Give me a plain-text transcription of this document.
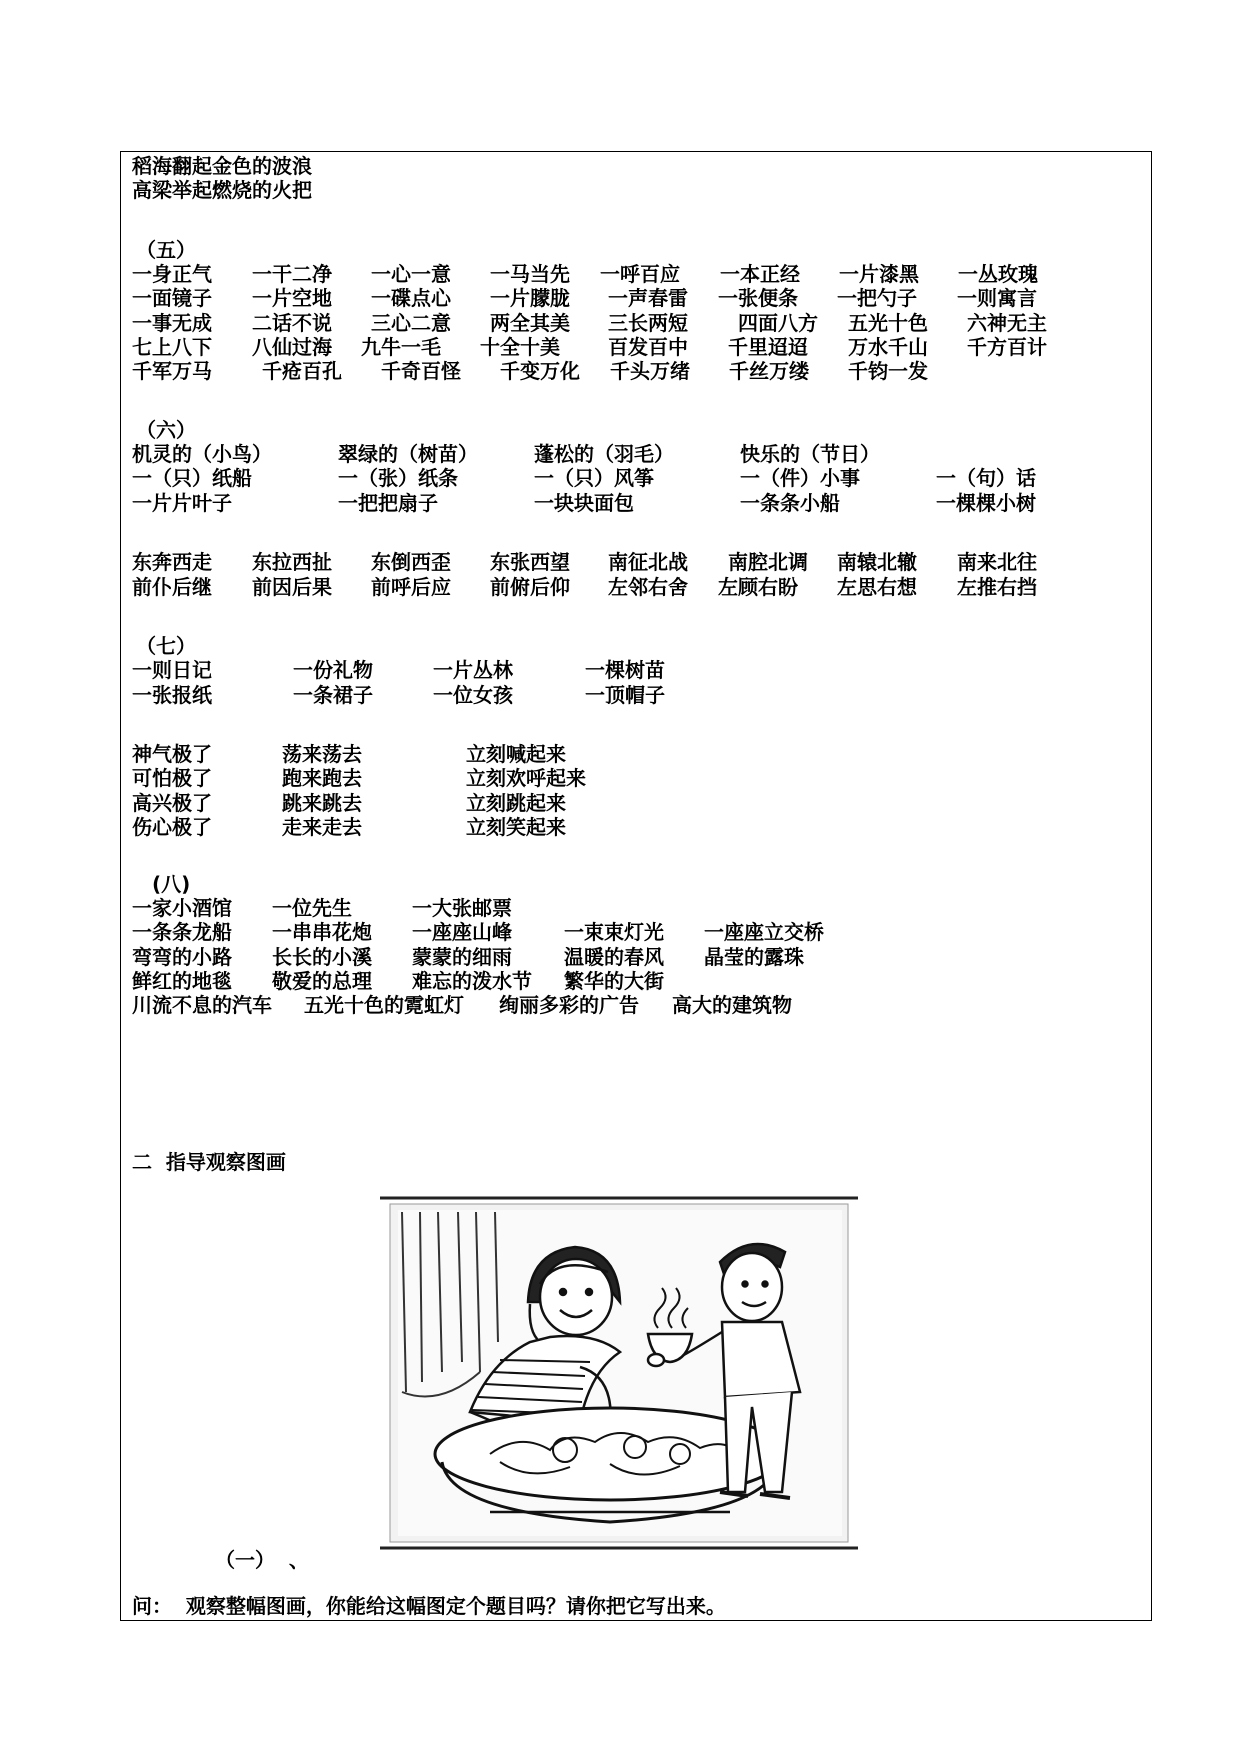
稻海翻起金色的波浪
高梁举起燃烧的火把
（五）
一身正气 一干二净 一心一意 一马当先 一呼百应 一本正经 一片漆黑 一丛玫瑰
一面镜子 一片空地 一碟点心 一片朦胧 一声春雷 一张便条 一把勺子 一则寓言
一事无成 二话不说 三心二意 两全其美 三长两短	四面八方 五光十色 六神无主
七上八下 八仙过海 九牛一毛 十全十美 百发百中 千里迢迢 万水千山 千方百计
千军万马	千疮百孔 千奇百怪 千变万化 千头万绪 千丝万缕 千钧一发
（六）
机灵的（小鸟）	翠绿的（树苗）	蓬松的（羽毛）	快乐的（节日）
一（只）纸船	一（张）纸条	一（只）风筝	一（件）小事	一（句）话
一片片叶子	一把把扇子	一块块面包	一条条小船	一棵棵小树
东奔西走 东拉西扯 东倒西歪 东张西望 南征北战 南腔北调 南辕北辙 南来北往
前仆后继 前因后果 前呼后应 前俯后仰 左邻右舍 左顾右盼 左思右想 左推右挡
（七）
一则日记	一份礼物	一片丛林	一棵树苗
一张报纸	一条裙子	一位女孩	一顶帽子
神气极了	荡来荡去	立刻喊起来
可怕极了	跑来跑去	立刻欢呼起来
高兴极了	跳来跳去	立刻跳起来
伤心极了	走来走去	立刻笑起来
(八)
一家小酒馆 一位先生	一大张邮票
一条条龙船 一串串花炮 一座座山峰	一束束灯光 一座座立交桥
弯弯的小路 长长的小溪 蒙蒙的细雨	温暖的春风 晶莹的露珠
鲜红的地毯 敬爱的总理 难忘的泼水节 繁华的大街
川流不息的汽车 五光十色的霓虹灯 绚丽多彩的广告 高大的建筑物
二  指导观察图画
（一）  、
问：  观察整幅图画，你能给这幅图定个题目吗？请你把它写出来。
